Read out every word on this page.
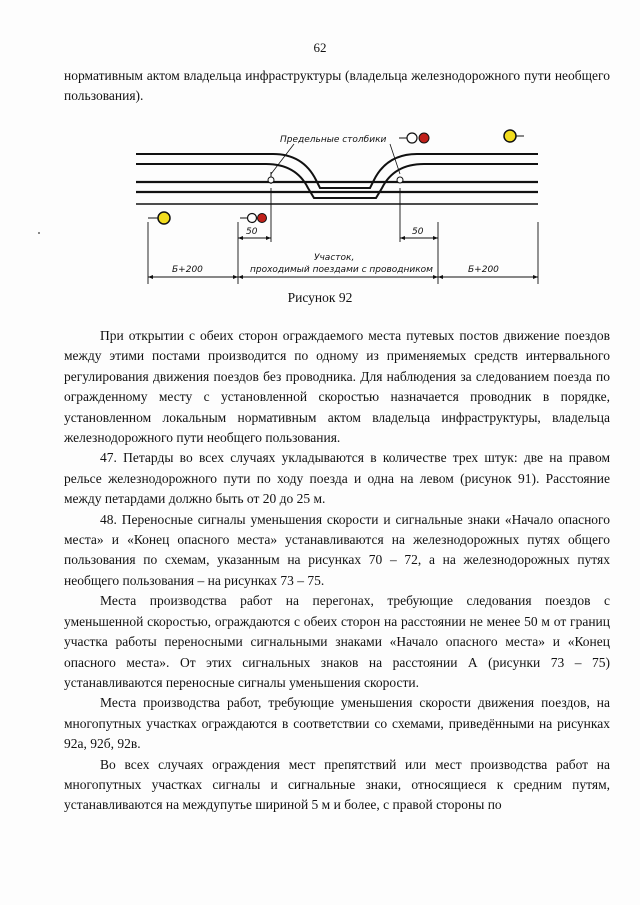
62

нормативным актом владельца инфраструктуры (владельца железнодорожного пути необщего пользования).

Предельные столбики
50	50
Участок,
проходимый поездами с проводником
Б+200	Б+200
Рисунок 92

При открытии с обеих сторон ограждаемого места путевых постов движение поездов между этими постами производится по одному из применяемых средств интервального регулирования движения поездов без проводника. Для наблюдения за следованием поезда по огражденному месту с установленной скоростью назначается проводник в порядке, установленном локальным нормативным актом владельца инфраструктуры, владельца железнодорожного пути необщего пользования.

47. Петарды во всех случаях укладываются в количестве трех штук: две на правом рельсе железнодорожного пути по ходу поезда и одна на левом (рисунок 91). Расстояние между петардами должно быть от 20 до 25 м.

48. Переносные сигналы уменьшения скорости и сигнальные знаки «Начало опасного места» и «Конец опасного места» устанавливаются на железнодорожных путях общего пользования по схемам, указанным на рисунках 70 – 72, а на железнодорожных путях необщего пользования – на рисунках 73 – 75.

Места производства работ на перегонах, требующие следования поездов с уменьшенной скоростью, ограждаются с обеих сторон на расстоянии не менее 50 м от границ участка работы переносными сигнальными знаками «Начало опасного места» и «Конец опасного места». От этих сигнальных знаков на расстоянии А (рисунки 73 – 75) устанавливаются переносные сигналы уменьшения скорости.

Места производства работ, требующие уменьшения скорости движения поездов, на многопутных участках ограждаются в соответствии со схемами, приведёнными на рисунках 92а, 92б, 92в.

Во всех случаях ограждения мест препятствий или мест производства работ на многопутных участках сигналы и сигнальные знаки, относящиеся к средним путям, устанавливаются на междупутье шириной 5 м и более, с правой стороны по
